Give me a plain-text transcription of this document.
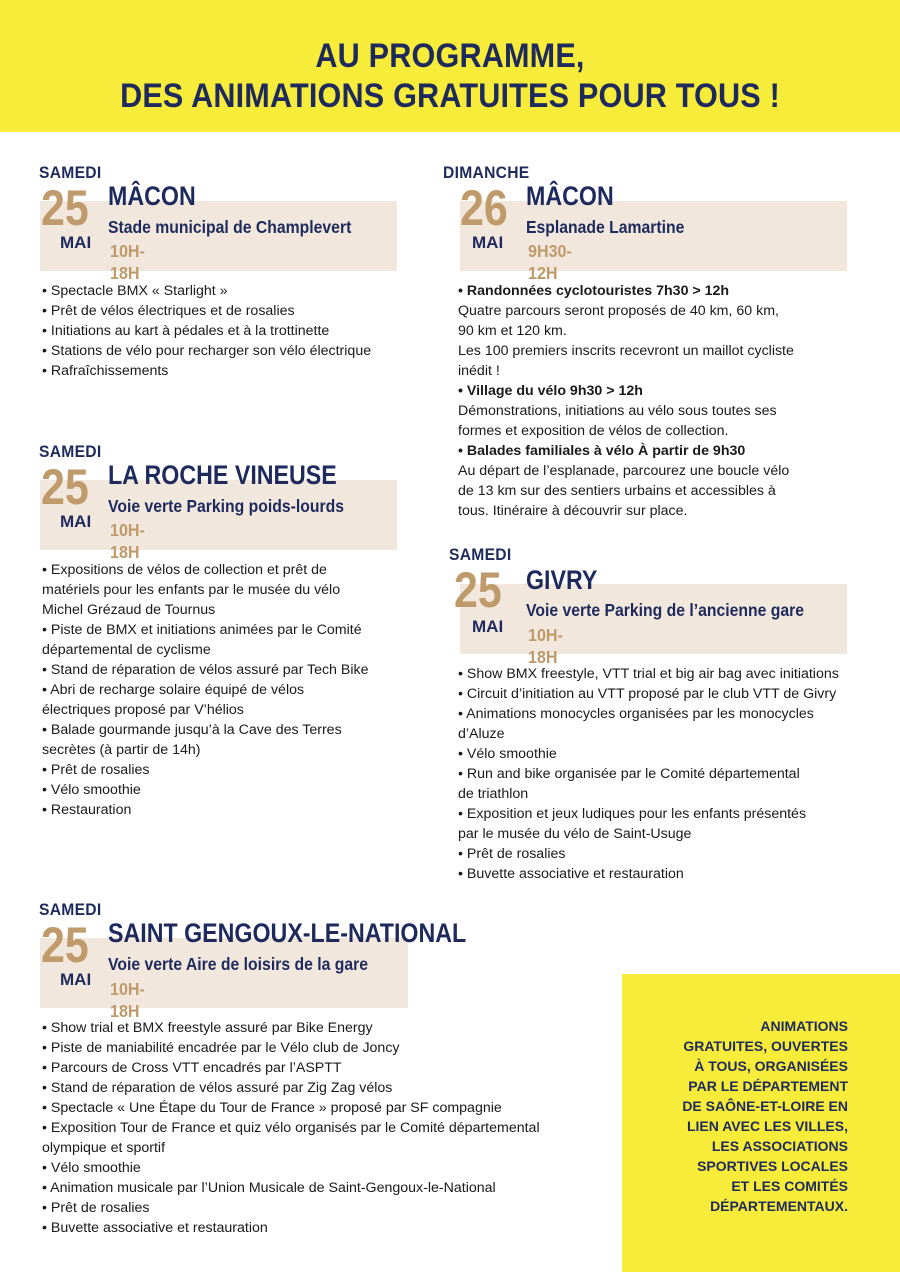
AU PROGRAMME,
DES ANIMATIONS GRATUITES POUR TOUS !
SAMEDI
25
MAI
MÂCON
Stade municipal de Champlevert
10H-18H
• Spectacle BMX « Starlight »
• Prêt de vélos électriques et de rosalies
• Initiations au kart à pédales et à la trottinette
• Stations de vélo pour recharger son vélo électrique
• Rafraîchissements
DIMANCHE
26
MAI
MÂCON
Esplanade Lamartine
9H30-12H
• Randonnées cyclotouristes 7h30 > 12h
Quatre parcours seront proposés de 40 km, 60 km,
90 km et 120 km.
Les 100 premiers inscrits recevront un maillot cycliste
inédit !
• Village du vélo 9h30 > 12h
Démonstrations, initiations au vélo sous toutes ses
formes et exposition de vélos de collection.
• Balades familiales à vélo À partir de 9h30
Au départ de l’esplanade, parcourez une boucle vélo
de 13 km sur des sentiers urbains et accessibles à
tous. Itinéraire à découvrir sur place.
SAMEDI
25
MAI
LA ROCHE VINEUSE
Voie verte Parking poids-lourds
10H-18H
• Expositions de vélos de collection et prêt de
matériels pour les enfants par le musée du vélo
Michel Grézaud de Tournus
• Piste de BMX et initiations animées par le Comité
départemental de cyclisme
• Stand de réparation de vélos assuré par Tech Bike
• Abri de recharge solaire équipé de vélos
électriques proposé par V’hélios
• Balade gourmande jusqu’à la Cave des Terres
secrètes (à partir de 14h)
• Prêt de rosalies
• Vélo smoothie
• Restauration
SAMEDI
25
MAI
GIVRY
Voie verte Parking de l’ancienne gare
10H-18H
• Show BMX freestyle, VTT trial et big air bag avec initiations
• Circuit d’initiation au VTT proposé par le club VTT de Givry
• Animations monocycles organisées par les monocycles
d’Aluze
• Vélo smoothie
• Run and bike organisée par le Comité départemental
de triathlon
• Exposition et jeux ludiques pour les enfants présentés
par le musée du vélo de Saint-Usuge
• Prêt de rosalies
• Buvette associative et restauration
SAMEDI
25
MAI
SAINT GENGOUX-LE-NATIONAL
Voie verte Aire de loisirs de la gare
10H-18H
• Show trial et BMX freestyle assuré par Bike Energy
• Piste de maniabilité encadrée par le Vélo club de Joncy
• Parcours de Cross VTT encadrés par l’ASPTT
• Stand de réparation de vélos assuré par Zig Zag vélos
• Spectacle « Une Étape du Tour de France » proposé par SF compagnie
• Exposition Tour de France et quiz vélo organisés par le Comité départemental
olympique et sportif
• Vélo smoothie
• Animation musicale par l’Union Musicale de Saint-Gengoux-le-National
• Prêt de rosalies
• Buvette associative et restauration

ANIMATIONS
GRATUITES, OUVERTES
À TOUS, ORGANISÉES
PAR LE DÉPARTEMENT
DE SAÔNE-ET-LOIRE EN
LIEN AVEC LES VILLES,
LES ASSOCIATIONS
SPORTIVES LOCALES
ET LES COMITÉS
DÉPARTEMENTAUX.
